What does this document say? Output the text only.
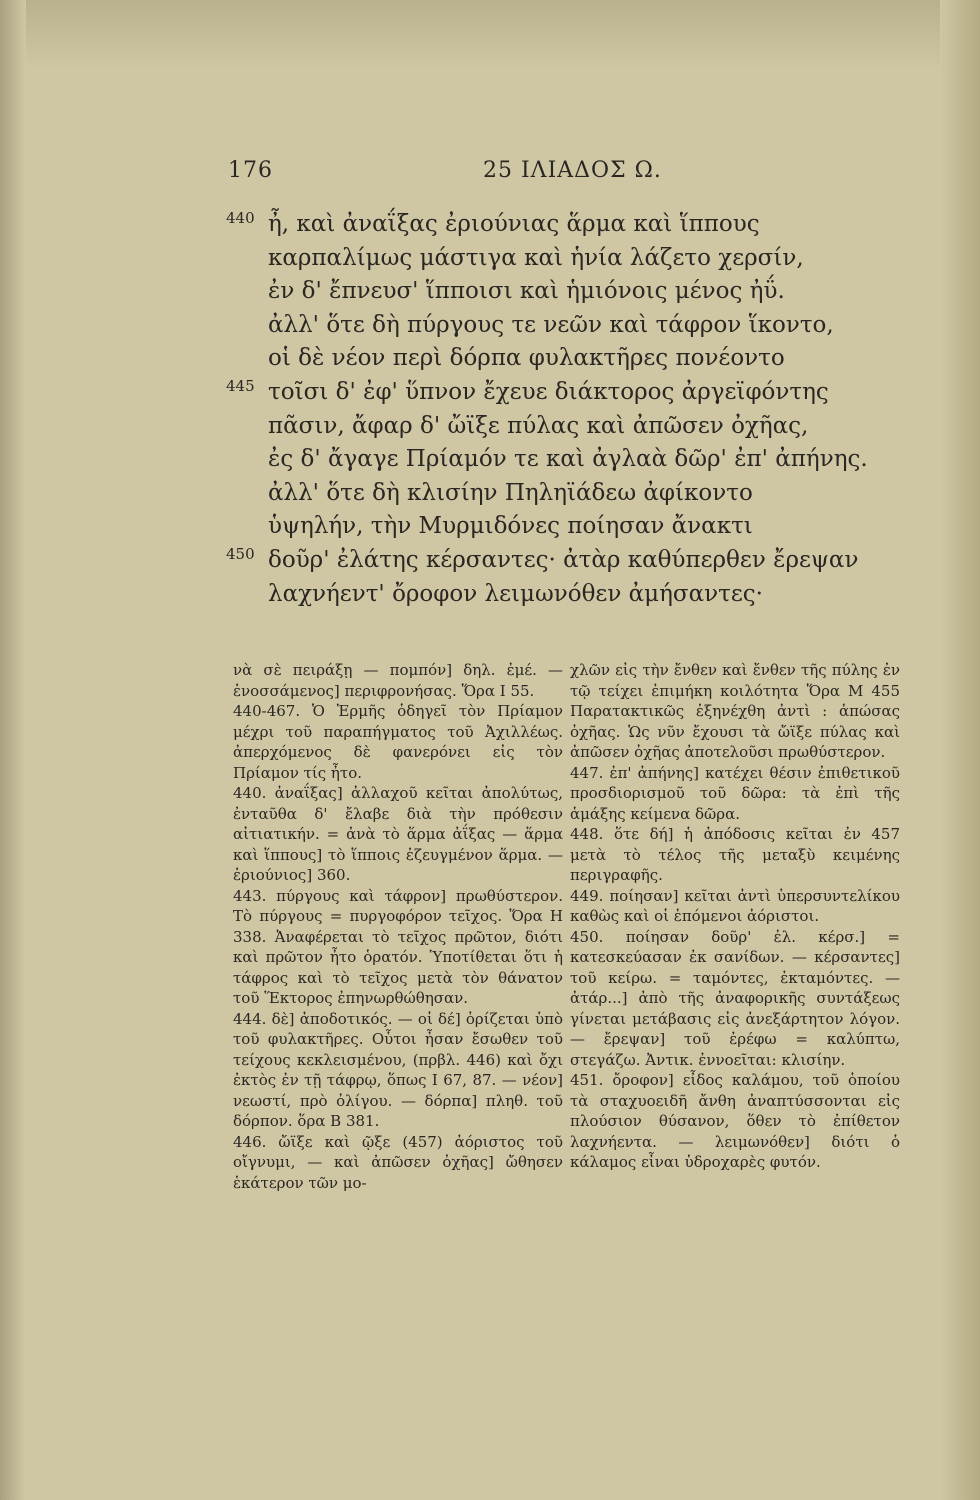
176	25 ΙΛΙΑΔΟΣ Ω.
440 ἦ, καὶ ἀναΐξας ἐριούνιας ἅρμα καὶ ἵππους
καρπαλίμως μάστιγα καὶ ἡνία λάζετο χερσίν,
ἐν δ' ἔπνευσ' ἵπποισι καὶ ἡμιόνοις μένος ἠΰ.
ἀλλ' ὅτε δὴ πύργους τε νεῶν καὶ τάφρον ἵκοντο,
οἱ δὲ νέον περὶ δόρπα φυλακτῆρες πονέοντο
445 τοῖσι δ' ἐφ' ὕπνον ἔχευε διάκτορος ἀργεϊφόντης
πᾶσιν, ἄφαρ δ' ὤϊξε πύλας καὶ ἀπῶσεν ὀχῆας,
ἐς δ' ἄγαγε Πρίαμόν τε καὶ ἀγλαὰ δῶρ' ἐπ' ἀπήνης.
ἀλλ' ὅτε δὴ κλισίην Πηληϊάδεω ἀφίκοντο
ὑψηλήν, τὴν Μυρμιδόνες ποίησαν ἄνακτι
450 δοῦρ' ἐλάτης κέρσαντες· ἀτὰρ καθύπερθεν ἔρεψαν
λαχνήεντ' ὄροφον λειμωνόθεν ἀμήσαντες·

νὰ σὲ πειράξῃ — πομπόν] δηλ. ἐμέ. — ἐνοσσάμενος] περιφρονήσας. Ὅρα Ι 55.

440-467. Ὁ Ἑρμῆς ὁδηγεῖ τὸν Πρίαμον μέχρι τοῦ παραπήγματος τοῦ Ἀχιλλέως. ἀπερχόμενος δὲ φανερόνει εἰς τὸν Πρίαμον τίς ἦτο.

440. ἀναΐξας] ἀλλαχοῦ κεῖται ἀπολύτως, ἐνταῦθα δ' ἔλαβε διὰ τὴν πρόθεσιν αἰτιατικήν. = ἀνὰ τὸ ἅρμα ἀΐξας — ἅρμα καὶ ἵππους] τὸ ἵπποις ἐζευγμένον ἅρμα. — ἐριούνιος] 360.

443. πύργους καὶ τάφρον] πρωθύστερον. Τὸ πύργους = πυργοφόρον τεῖχος. Ὅρα Η 338. Ἀναφέρεται τὸ τεῖχος πρῶτον, διότι καὶ πρῶτον ἦτο ὁρατόν. Ὑποτίθεται ὅτι ἡ τάφρος καὶ τὸ τεῖχος μετὰ τὸν θάνατον τοῦ Ἕκτορος ἐπηνωρθώθησαν.

444. δὲ] ἀποδοτικός. — οἱ δέ] ὁρίζεται ὑπὸ τοῦ φυλακτῆρες. Οὗτοι ἦσαν ἔσωθεν τοῦ τείχους κεκλεισμένου, (πρβλ. 446) καὶ ὄχι ἐκτὸς ἐν τῇ τάφρῳ, ὅπως Ι 67, 87. — νέον] νεωστί, πρὸ ὀλίγου. — δόρπα] πληθ. τοῦ δόρπον. ὅρα Β 381.

446. ὤϊξε καὶ ῷξε (457) ἀόριστος τοῦ οἴγνυμι, — καὶ ἀπῶσεν ὀχῆας] ὤθησεν ἑκάτερον τῶν μο-

χλῶν εἰς τὴν ἔνθεν καὶ ἔνθεν τῆς πύλης ἐν τῷ τείχει ἐπιμήκη κοιλότητα Ὅρα Μ 455 Παρατακτικῶς ἐξηνέχθη ἀντὶ : ἀπώσας ὀχῆας. Ὡς νῦν ἔχουσι τὰ ὤϊξε πύλας καὶ ἀπῶσεν ὀχῆας ἀποτελοῦσι πρωθύστερον.

447. ἐπ' ἀπήνης] κατέχει θέσιν ἐπιθετικοῦ προσδιορισμοῦ τοῦ δῶρα: τὰ ἐπὶ τῆς ἁμάξης κείμενα δῶρα.

448. ὅτε δή] ἡ ἀπόδοσις κεῖται ἐν 457 μετὰ τὸ τέλος τῆς μεταξὺ κειμένης περιγραφῆς.

449. ποίησαν] κεῖται ἀντὶ ὑπερσυντελίκου καθὼς καὶ οἱ ἑπόμενοι ἀόριστοι.

450. ποίησαν δοῦρ' ἐλ. κέρσ.] = κατεσκεύασαν ἐκ σανίδων. — κέρσαντες] τοῦ κείρω. = ταμόντες, ἐκταμόντες. — ἀτάρ...] ἀπὸ τῆς ἀναφορικῆς συντάξεως γίνεται μετάβασις εἰς ἀνεξάρτητον λόγον. — ἔρεψαν] τοῦ ἐρέφω = καλύπτω, στεγάζω. Ἀντικ. ἐννοεῖται: κλισίην.

451. ὄροφον] εἶδος καλάμου, τοῦ ὁποίου τὰ σταχυοειδῆ ἄνθη ἀναπτύσσονται εἰς πλούσιον θύσανον, ὅθεν τὸ ἐπίθετον λαχνήεντα. — λειμωνόθεν] διότι ὁ κάλαμος εἶναι ὑδροχαρὲς φυτόν.
